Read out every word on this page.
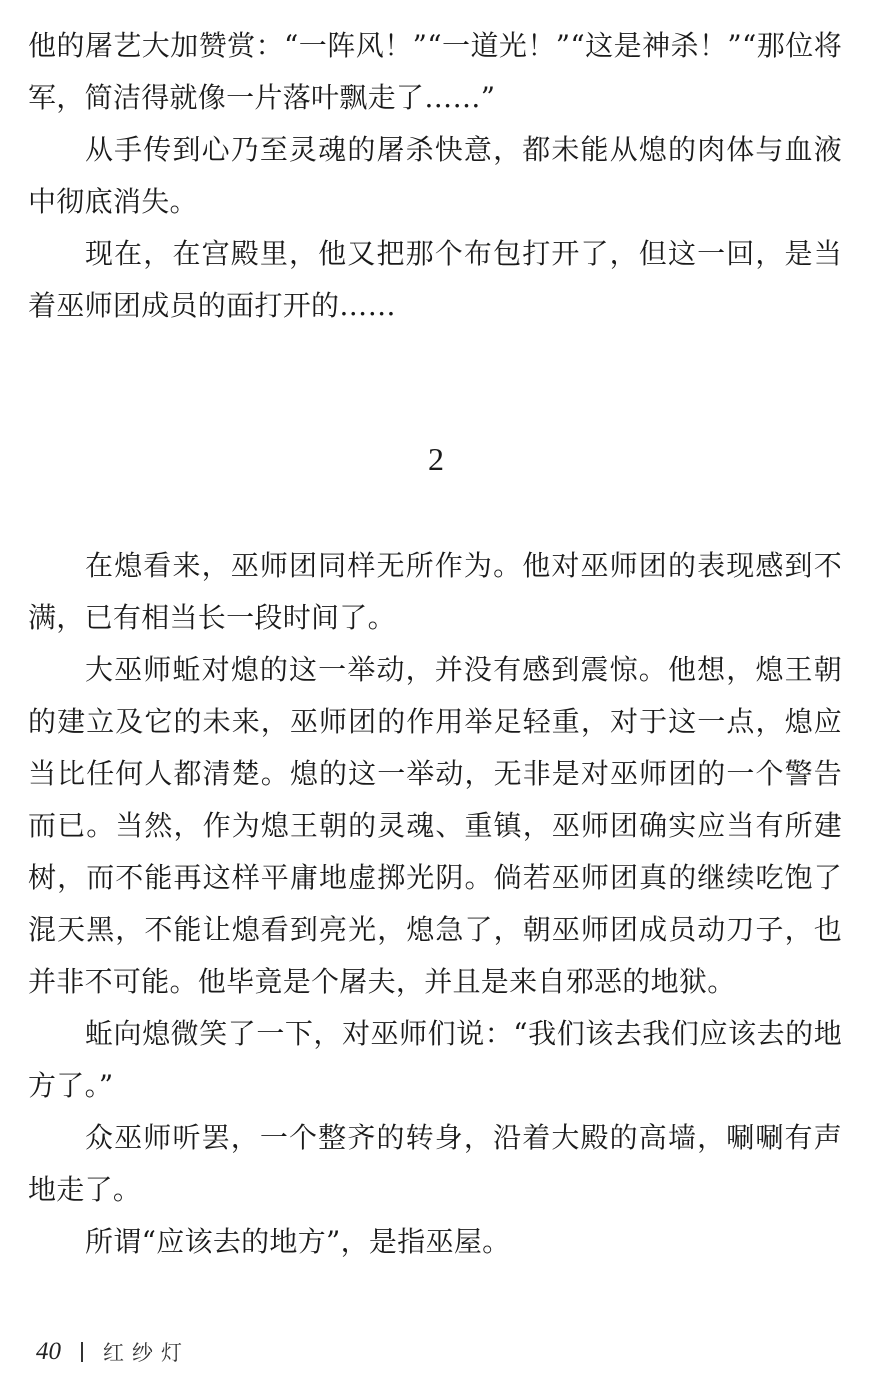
他的屠艺大加赞赏：“一阵风！”“一道光！”“这是神杀！”“那位将军，简洁得就像一片落叶飘走了……”

从手传到心乃至灵魂的屠杀快意，都未能从熄的肉体与血液中彻底消失。

现在，在宫殿里，他又把那个布包打开了，但这一回，是当着巫师团成员的面打开的……

2

在熄看来，巫师团同样无所作为。他对巫师团的表现感到不满，已有相当长一段时间了。

大巫师蚯对熄的这一举动，并没有感到震惊。他想，熄王朝的建立及它的未来，巫师团的作用举足轻重，对于这一点，熄应当比任何人都清楚。熄的这一举动，无非是对巫师团的一个警告而已。当然，作为熄王朝的灵魂、重镇，巫师团确实应当有所建树，而不能再这样平庸地虚掷光阴。倘若巫师团真的继续吃饱了混天黑，不能让熄看到亮光，熄急了，朝巫师团成员动刀子，也并非不可能。他毕竟是个屠夫，并且是来自邪恶的地狱。

蚯向熄微笑了一下，对巫师们说：“我们该去我们应该去的地方了。”

众巫师听罢，一个整齐的转身，沿着大殿的高墙，唰唰有声地走了。

所谓“应该去的地方”，是指巫屋。

40 红纱灯
